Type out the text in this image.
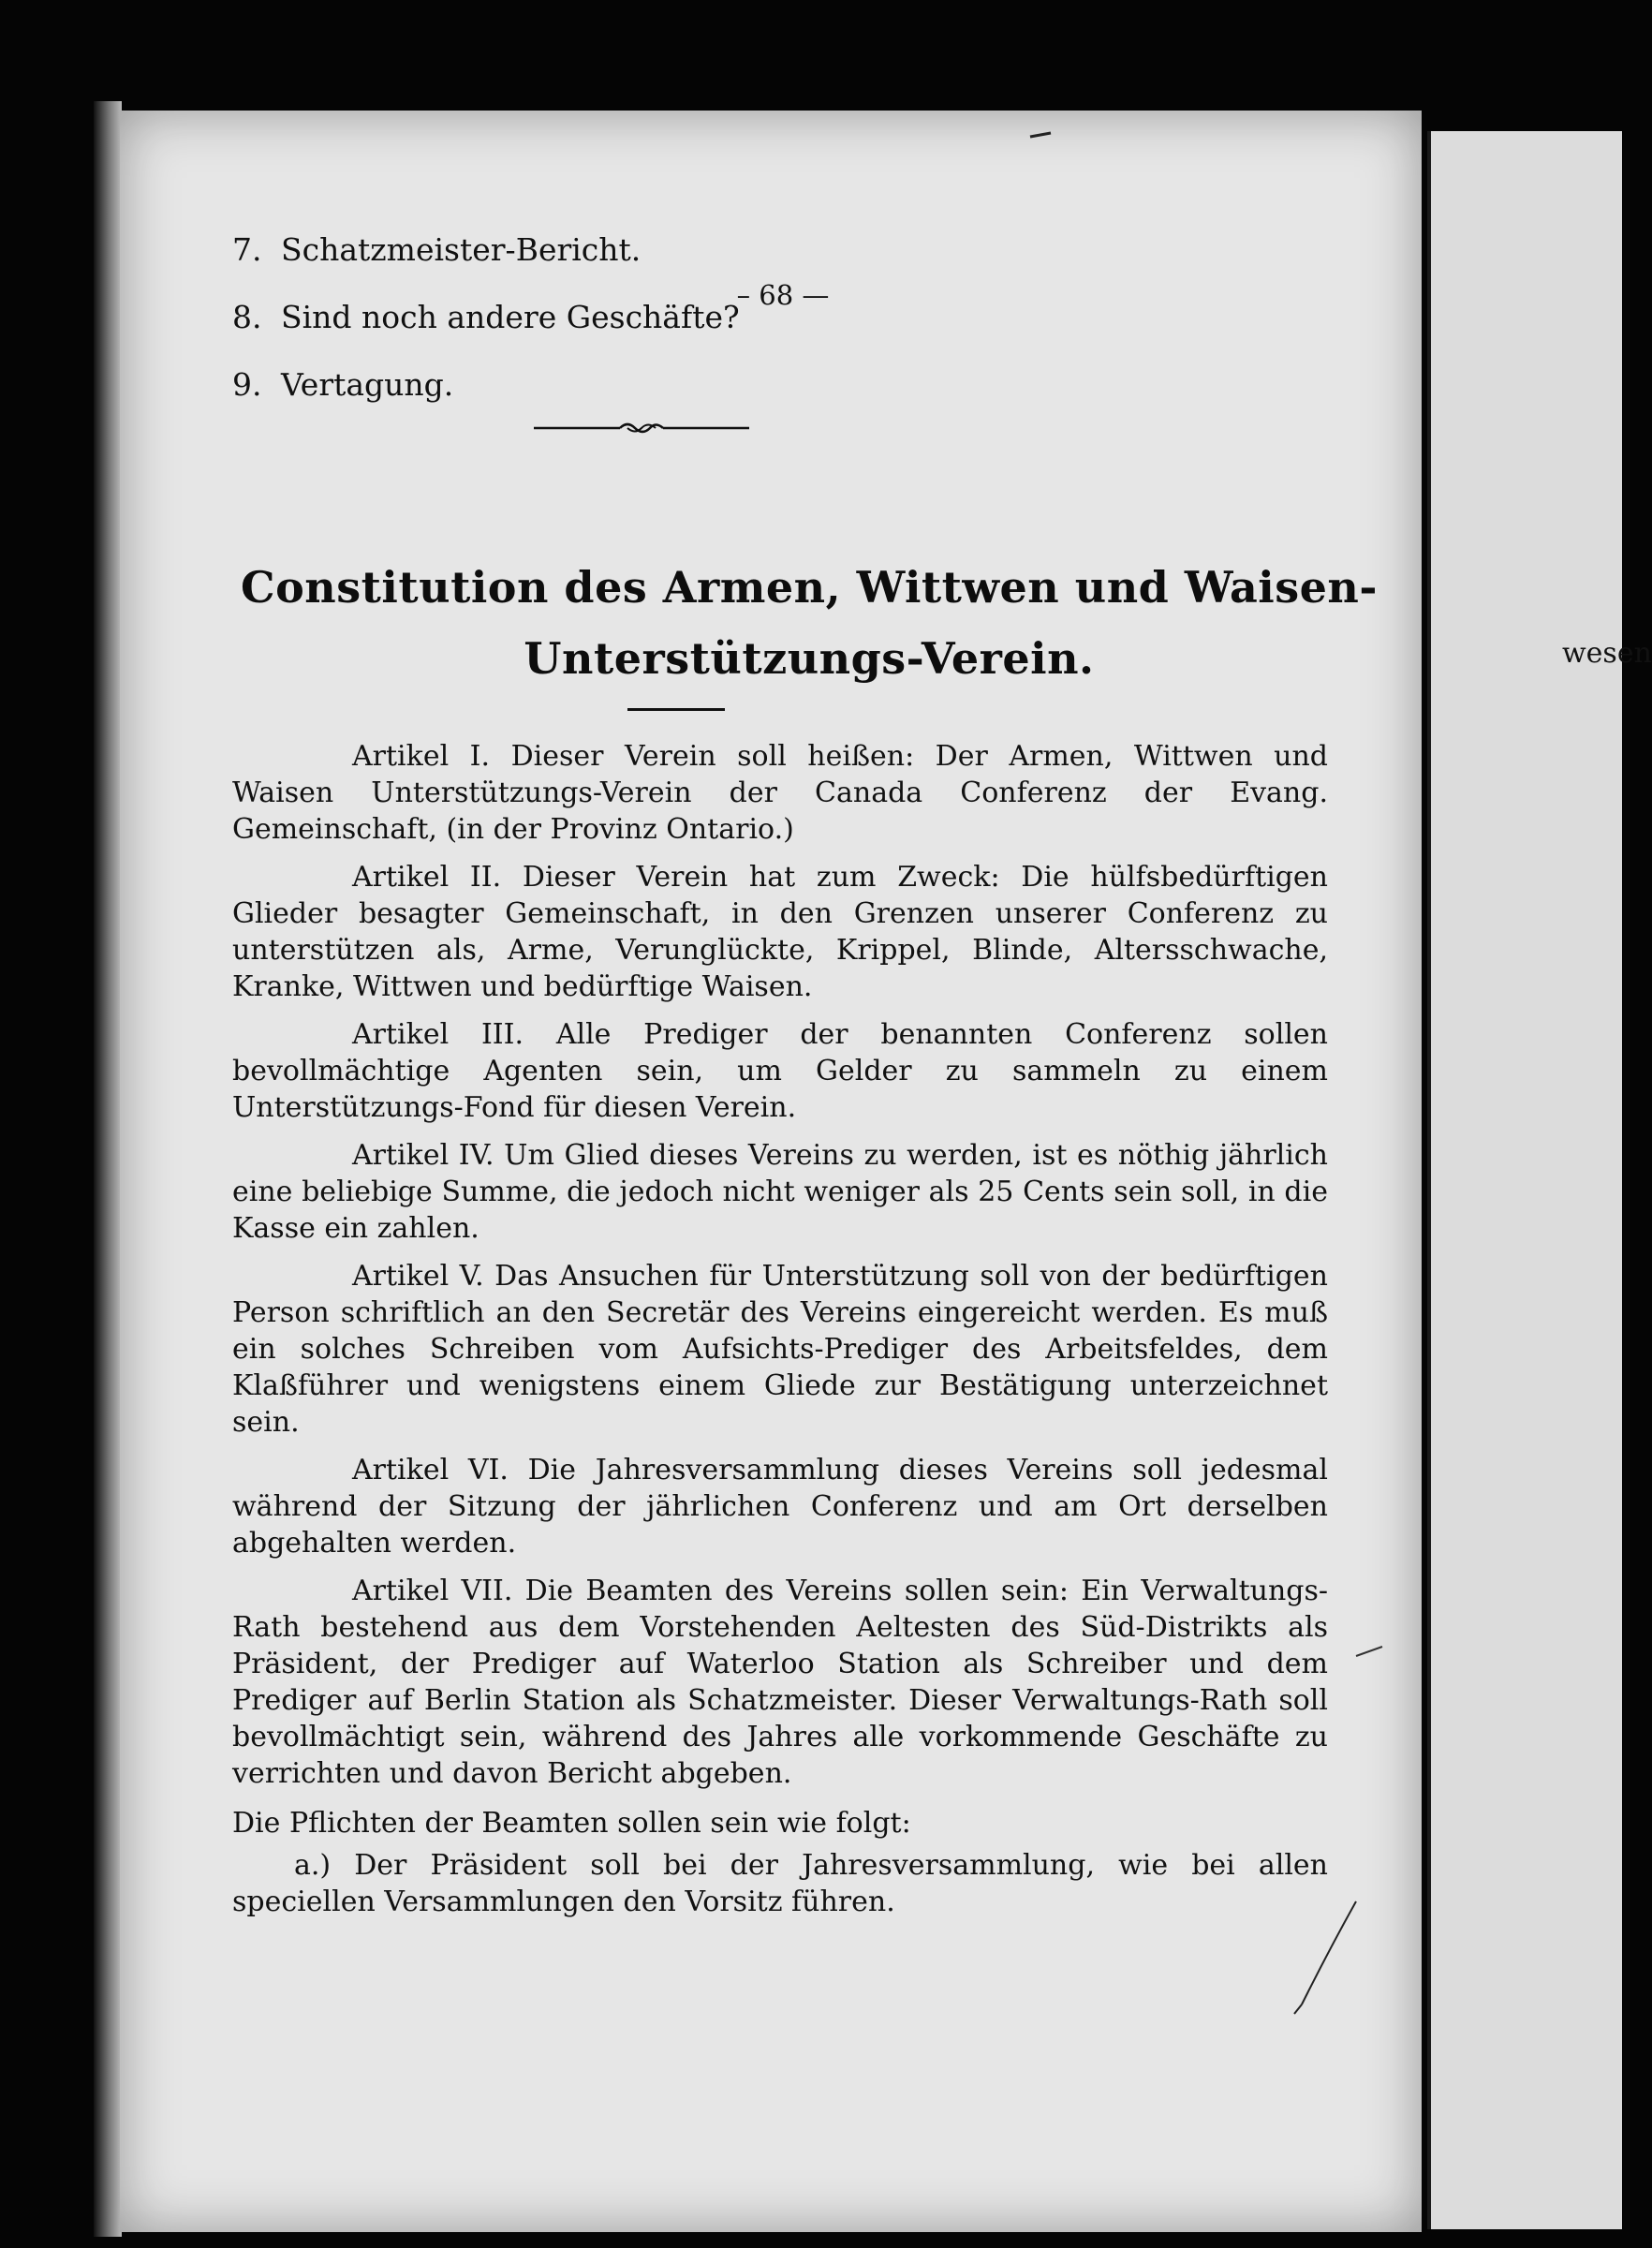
wesen
– 68 —
7. Schatzmeister-Bericht.
8. Sind noch andere Geschäfte?
9. Vertagung.
Constitution des Armen, Wittwen und Waisen-
Unterstützungs-Verein.

Artikel I. Dieser Verein soll heißen: Der Armen, Wittwen und Waisen Unterstützungs-Verein der Canada Conferenz der Evang. Gemeinschaft, (in der Provinz Ontario.)

Artikel II. Dieser Verein hat zum Zweck: Die hülfsbedürftigen Glieder besagter Gemeinschaft, in den Grenzen unserer Conferenz zu unterstützen als, Arme, Verunglückte, Krippel, Blinde, Altersschwache, Kranke, Wittwen und bedürftige Waisen.

Artikel III. Alle Prediger der benannten Conferenz sollen bevollmächtige Agenten sein, um Gelder zu sammeln zu einem Unterstützungs-Fond für diesen Verein.

Artikel IV. Um Glied dieses Vereins zu werden, ist es nöthig jährlich eine beliebige Summe, die jedoch nicht weniger als 25 Cents sein soll, in die Kasse ein zahlen.

Artikel V. Das Ansuchen für Unterstützung soll von der bedürftigen Person schriftlich an den Secretär des Vereins eingereicht werden. Es muß ein solches Schreiben vom Aufsichts-Prediger des Arbeitsfeldes, dem Klaßführer und wenigstens einem Gliede zur Bestätigung unterzeichnet sein.

Artikel VI. Die Jahresversammlung dieses Vereins soll jedesmal während der Sitzung der jährlichen Conferenz und am Ort derselben abgehalten werden.

Artikel VII. Die Beamten des Vereins sollen sein: Ein Verwaltungs-Rath bestehend aus dem Vorstehenden Aeltesten des Süd-Distrikts als Präsident, der Prediger auf Waterloo Station als Schreiber und dem Prediger auf Berlin Station als Schatzmeister. Dieser Verwaltungs-Rath soll bevollmächtigt sein, während des Jahres alle vorkommende Geschäfte zu verrichten und davon Bericht abgeben.

Die Pflichten der Beamten sollen sein wie folgt:

a.) Der Präsident soll bei der Jahresversammlung, wie bei allen speciellen Versammlungen den Vorsitz führen.
